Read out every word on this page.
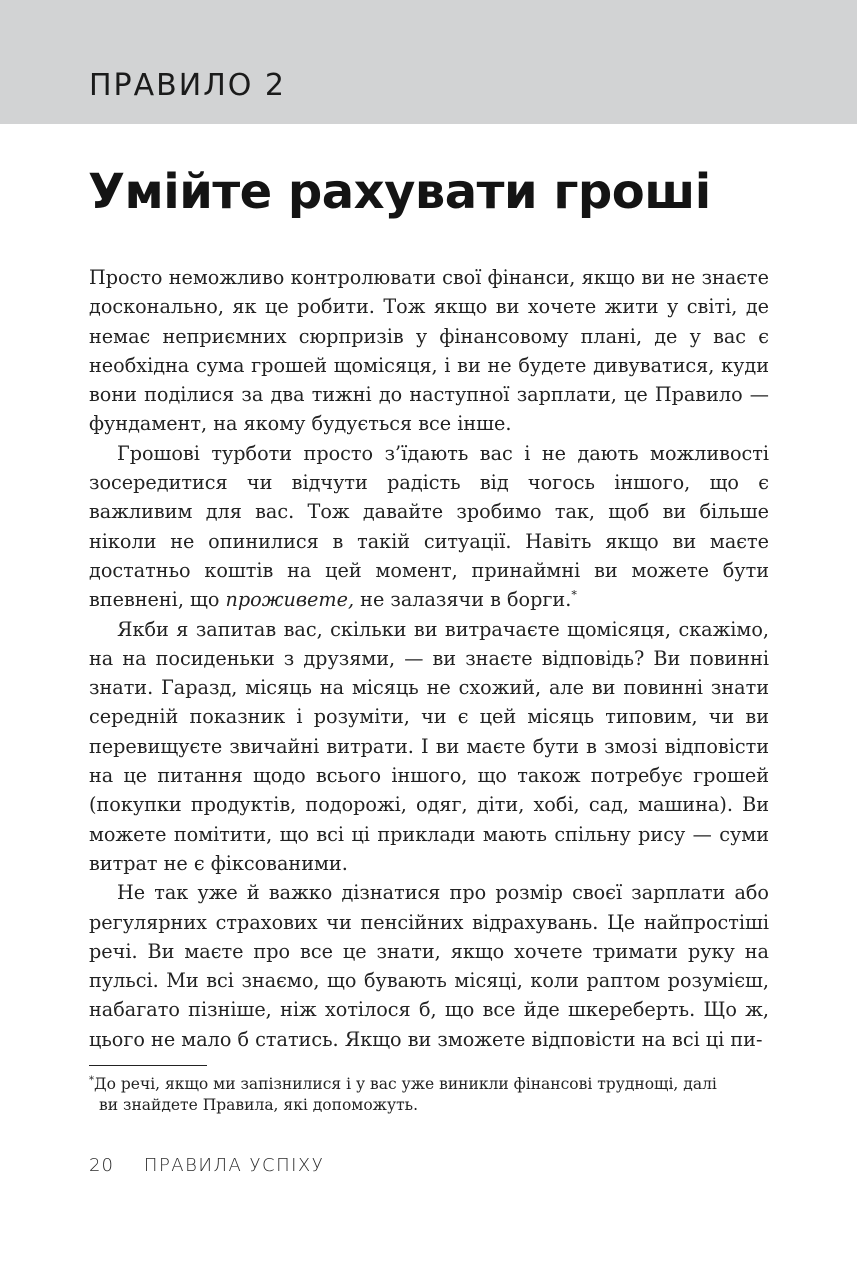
ПРАВИЛО 2
Умійте рахувати гроші

Просто неможливо контролювати свої фінанси, якщо ви не знаєте досконально, як це робити. Тож якщо ви хочете жити у світі, де немає неприємних сюрпризів у фінансовому плані, де у вас є необхідна сума грошей щомісяця, і ви не будете дивуватися, куди вони поділися за два тижні до наступної зарплати, це Правило — фундамент, на якому будується все інше.

Грошові турботи просто з’їдають вас і не дають можливості зосередитися чи відчути радість від чогось іншого, що є важливим для вас. Тож давайте зробимо так, щоб ви більше ніколи не опинилися в такій ситуації. Навіть якщо ви маєте достатньо коштів на цей момент, принаймні ви можете бути впевнені, що проживете, не залазячи в борги.*

Якби я запитав вас, скільки ви витрачаєте щомісяця, скажімо, на на посиденьки з друзями, — ви знаєте відповідь? Ви повинні знати. Гаразд, місяць на місяць не схожий, але ви повинні знати середній показник і розуміти, чи є цей місяць типовим, чи ви перевищуєте звичайні витрати. І ви маєте бути в змозі відповісти на це питання щодо всього іншого, що також потребує грошей (покупки продуктів, подорожі, одяг, діти, хобі, сад, машина). Ви можете помітити, що всі ці приклади мають спільну рису — суми витрат не є фіксованими.

Не так уже й важко дізнатися про розмір своєї зарплати або регулярних страхових чи пенсійних відрахувань. Це найпростіші речі. Ви маєте про все це знати, якщо хочете тримати руку на пульсі. Ми всі знаємо, що бувають місяці, коли раптом розумієш, набагато пізніше, ніж хотілося б, що все йде шкереберть. Що ж, цього не мало б статись. Якщо ви зможете відповісти на всі ці пи-

*До речі, якщо ми запізнилися і у вас уже виникли фінансові труднощі, далі
ви знайдете Правила, які допоможуть.
20 ПРАВИЛА УСПІХУ
